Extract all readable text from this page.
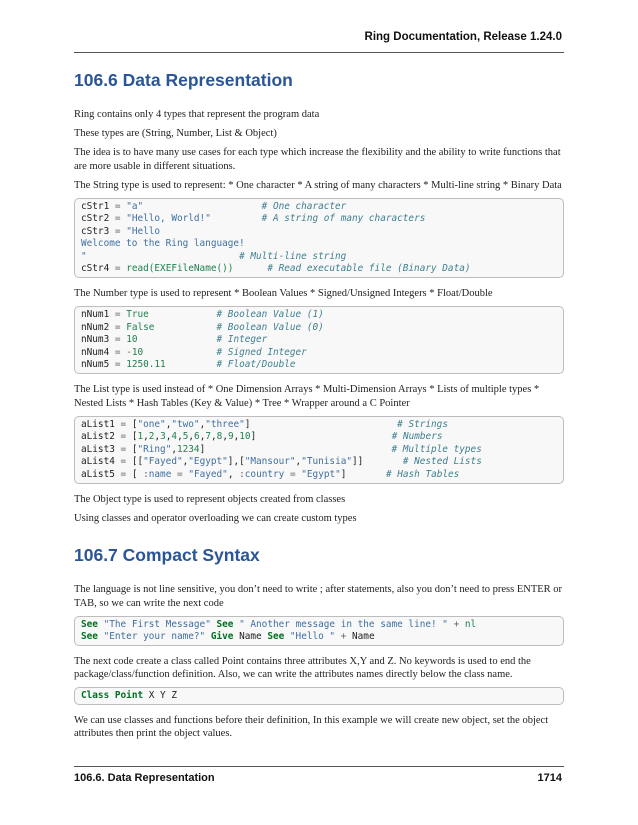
Ring Documentation, Release 1.24.0
106.6 Data Representation

Ring contains only 4 types that represent the program data

These types are (String, Number, List & Object)

The idea is to have many use cases for each type which increase the flexibility and the ability to write functions that are more usable in different situations.

The String type is used to represent: * One character * A string of many characters * Multi-line string * Binary Data

cStr1 = "a"	# One character
cStr2 = "Hello, World!"	# A string of many characters
cStr3 = "Hello
Welcome to the Ring language!
"	# Multi-line string
cStr4 = read(EXEFileName())	# Read executable file (Binary Data)

The Number type is used to represent * Boolean Values * Signed/Unsigned Integers * Float/Double

nNum1 = True	# Boolean Value (1)
nNum2 = False	# Boolean Value (0)
nNum3 = 10	# Integer
nNum4 = -10	# Signed Integer
nNum5 = 1250.11	# Float/Double

The List type is used instead of * One Dimension Arrays * Multi-Dimension Arrays * Lists of multiple types * Nested Lists * Hash Tables (Key & Value) * Tree * Wrapper around a C Pointer

aList1 = ["one","two","three"]                          # Strings
aList2 = [1,2,3,4,5,6,7,8,9,10]                        # Numbers
aList3 = ["Ring",1234]                                 # Multiple types
aList4 = [["Fayed","Egypt"],["Mansour","Tunisia"]]       # Nested Lists
aList5 = [ :name = "Fayed", :country = "Egypt"]       # Hash Tables

The Object type is used to represent objects created from classes

Using classes and operator overloading we can create custom types

106.7 Compact Syntax

The language is not line sensitive, you don’t need to write ; after statements, also you don’t need to press ENTER or TAB, so we can write the next code

See "The First Message" See " Another message in the same line! " + nl
See "Enter your name?" Give Name See "Hello " + Name

The next code create a class called Point contains three attributes X,Y and Z. No keywords is used to end the package/class/function definition. Also, we can write the attributes names directly below the class name.

Class Point X Y Z

We can use classes and functions before their definition, In this example we will create new object, set the object attributes then print the object values.

106.6. Data Representation	1714
